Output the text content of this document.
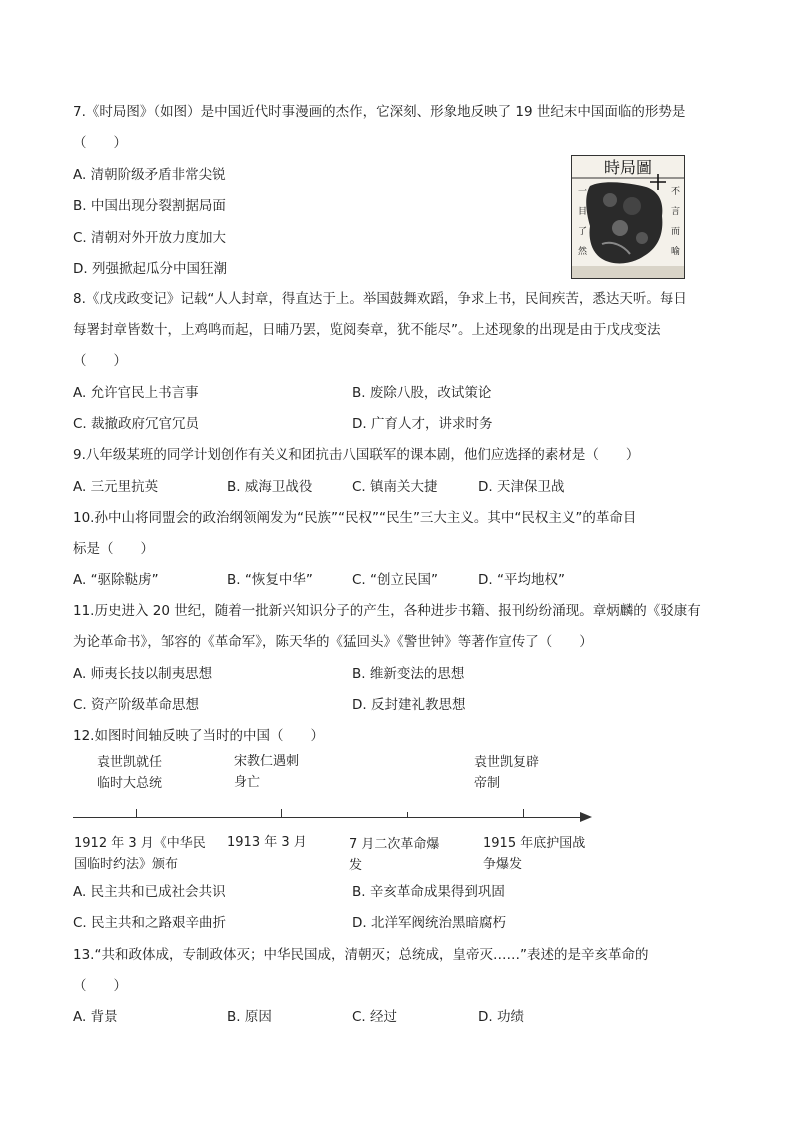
7.《时局图》（如图）是中国近代时事漫画的杰作，它深刻、形象地反映了 19 世纪末中国面临的形势是
（　　）
A. 清朝阶级矛盾非常尖锐
B. 中国出现分裂割据局面
C. 清朝对外开放力度加大
D. 列强掀起瓜分中国狂潮
時局圖
一
目
了
然
不
言
而
喻
8.《戊戌政变记》记载“人人封章，得直达于上。举国鼓舞欢蹈，争求上书，民间疾苦，悉达天听。每日
每署封章皆数十，上鸡鸣而起，日晡乃罢，览阅奏章，犹不能尽”。上述现象的出现是由于戊戌变法
（　　）
A. 允许官民上书言事	B. 废除八股，改试策论
C. 裁撤政府冗官冗员	D. 广育人才，讲求时务
9.八年级某班的同学计划创作有关义和团抗击八国联军的课本剧，他们应选择的素材是（　　）
A. 三元里抗英	B. 威海卫战役	C. 镇南关大捷	D. 天津保卫战
10.孙中山将同盟会的政治纲领阐发为“民族”“民权”“民生”三大主义。其中“民权主义”的革命目
标是（　　）
A. “驱除鞑虏”	B. “恢复中华”	C. “创立民国”	D. “平均地权”
11.历史进入 20 世纪，随着一批新兴知识分子的产生，各种进步书籍、报刊纷纷涌现。章炳麟的《驳康有
为论革命书》，邹容的《革命军》，陈天华的《猛回头》《警世钟》等著作宣传了（　　）
A. 师夷长技以制夷思想	B. 维新变法的思想
C. 资产阶级革命思想	D. 反封建礼教思想
12.如图时间轴反映了当时的中国（　　）
袁世凯就任
临时大总统
宋教仁遇刺
身亡
袁世凯复辟
帝制
1912 年 3 月《中华民
国临时约法》颁布
1913 年 3 月	7 月二次革命爆
发
1915 年底护国战
争爆发
A. 民主共和已成社会共识	B. 辛亥革命成果得到巩固
C. 民主共和之路艰辛曲折	D. 北洋军阀统治黑暗腐朽
13.“共和政体成，专制政体灭；中华民国成，清朝灭；总统成，皇帝灭……”表述的是辛亥革命的
（　　）
A. 背景	B. 原因	C. 经过	D. 功绩
